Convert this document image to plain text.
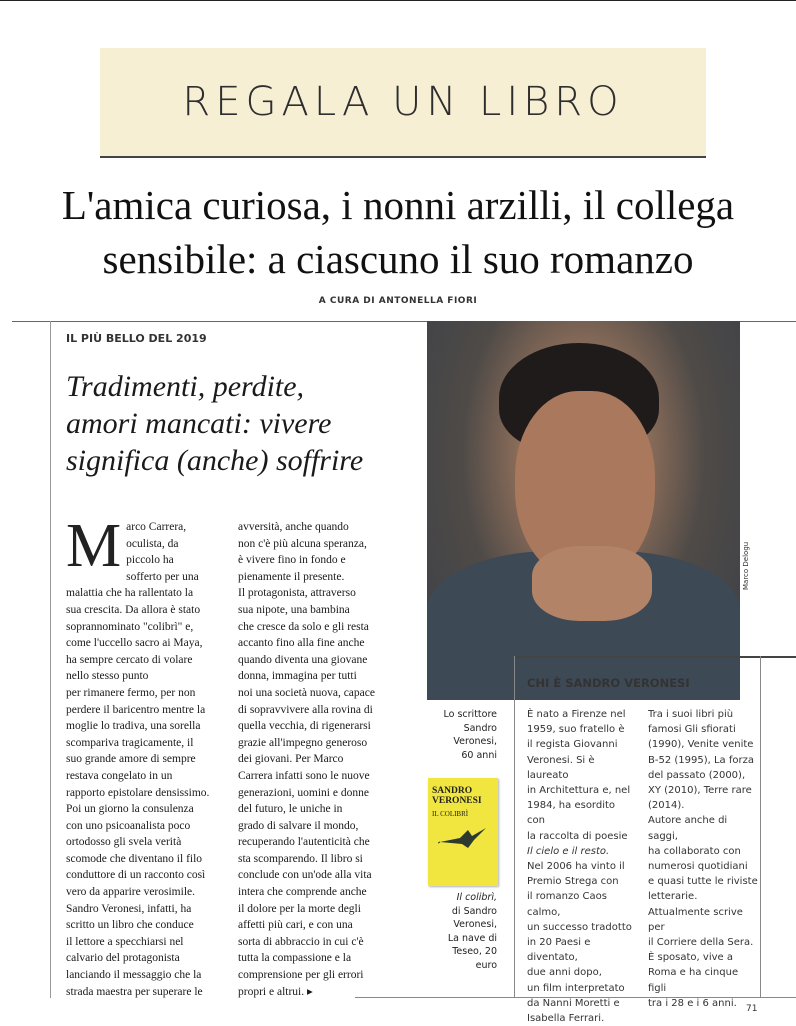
REGALA UN LIBRO
L'amica curiosa, i nonni arzilli, il collega
sensibile: a ciascuno il suo romanzo
A CURA DI ANTONELLA FIORI
IL PIÙ BELLO DEL 2019
Tradimenti, perdite,
amori mancati: vivere
significa (anche) soffrire
M arco Carrera,

oculista, da

piccolo ha

sofferto per una

malattia che ha rallentato la

sua crescita. Da allora è stato

soprannominato "colibrì" e,

come l'uccello sacro ai Maya,

ha sempre cercato di volare

nello stesso punto

per rimanere fermo, per non

perdere il baricentro mentre la

moglie lo tradiva, una sorella

scompariva tragicamente, il

suo grande amore di sempre

restava congelato in un

rapporto epistolare densissimo.

Poi un giorno la consulenza

con uno psicoanalista poco

ortodosso gli svela verità

scomode che diventano il filo

conduttore di un racconto così

vero da apparire verosimile.

Sandro Veronesi, infatti, ha

scritto un libro che conduce

il lettore a specchiarsi nel

calvario del protagonista

lanciando il messaggio che la

strada maestra per superare le

avversità, anche quando

non c'è più alcuna speranza,

è vivere fino in fondo e

pienamente il presente.

Il protagonista, attraverso

sua nipote, una bambina

che cresce da solo e gli resta

accanto fino alla fine anche

quando diventa una giovane

donna, immagina per tutti

noi una società nuova, capace

di sopravvivere alla rovina di

quella vecchia, di rigenerarsi

grazie all'impegno generoso

dei giovani. Per Marco

Carrera infatti sono le nuove

generazioni, uomini e donne

del futuro, le uniche in

grado di salvare il mondo,

recuperando l'autenticità che

sta scomparendo. Il libro si

conclude con un'ode alla vita

intera che comprende anche

il dolore per la morte degli

affetti più cari, e con una

sorta di abbraccio in cui c'è

tutta la compassione e la

comprensione per gli errori

propri e altrui. ▸

Marco Delogu
Lo scrittore
Sandro
Veronesi,
60 anni
SANDRO
VERONESI
IL COLIBRÌ
Il colibrì,
di Sandro
Veronesi,
La nave di
Teseo, 20 euro
CHI È SANDRO VERONESI

È nato a Firenze nel

1959, suo fratello è

il regista Giovanni

Veronesi. Si è laureato

in Architettura e, nel

1984, ha esordito con

la raccolta di poesie

Il cielo e il resto.

Nel 2006 ha vinto il

Premio Strega con

il romanzo Caos calmo,

un successo tradotto

in 20 Paesi e diventato,

due anni dopo,

un film interpretato

da Nanni Moretti e

Isabella Ferrari.

Tra i suoi libri più

famosi Gli sfiorati

(1990), Venite venite

B-52 (1995), La forza

del passato (2000),

XY (2010), Terre rare

(2014).

Autore anche di saggi,

ha collaborato con

numerosi quotidiani

e quasi tutte le riviste

letterarie.

Attualmente scrive per

il Corriere della Sera.

È sposato, vive a

Roma e ha cinque figli

tra i 28 e i 6 anni.

71
